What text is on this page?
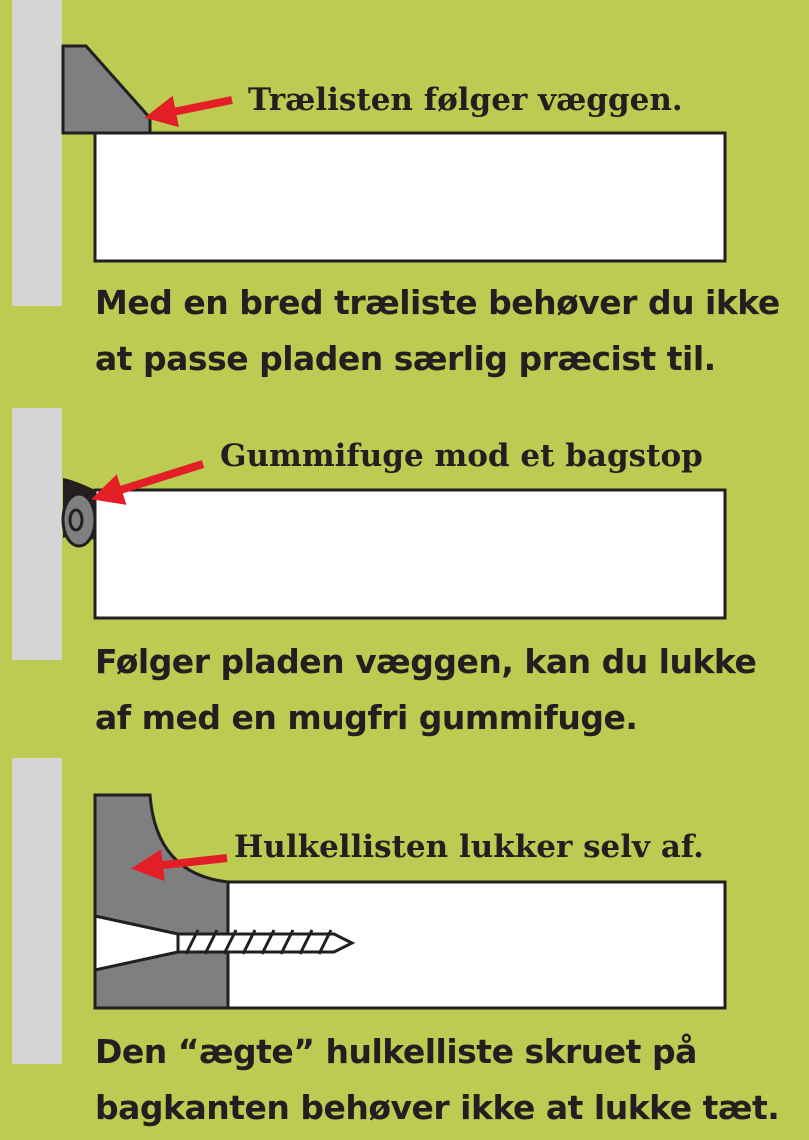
Trælisten følger væggen.

Gummifuge mod et bagstop

Hulkellisten lukker selv af.

Med en bred træliste behøver du ikke
at passe pladen særlig præcist til.
Følger pladen væggen, kan du lukke
af med en mugfri gummifuge.
Den “ægte” hulkelliste skruet på
bagkanten behøver ikke at lukke tæt.
